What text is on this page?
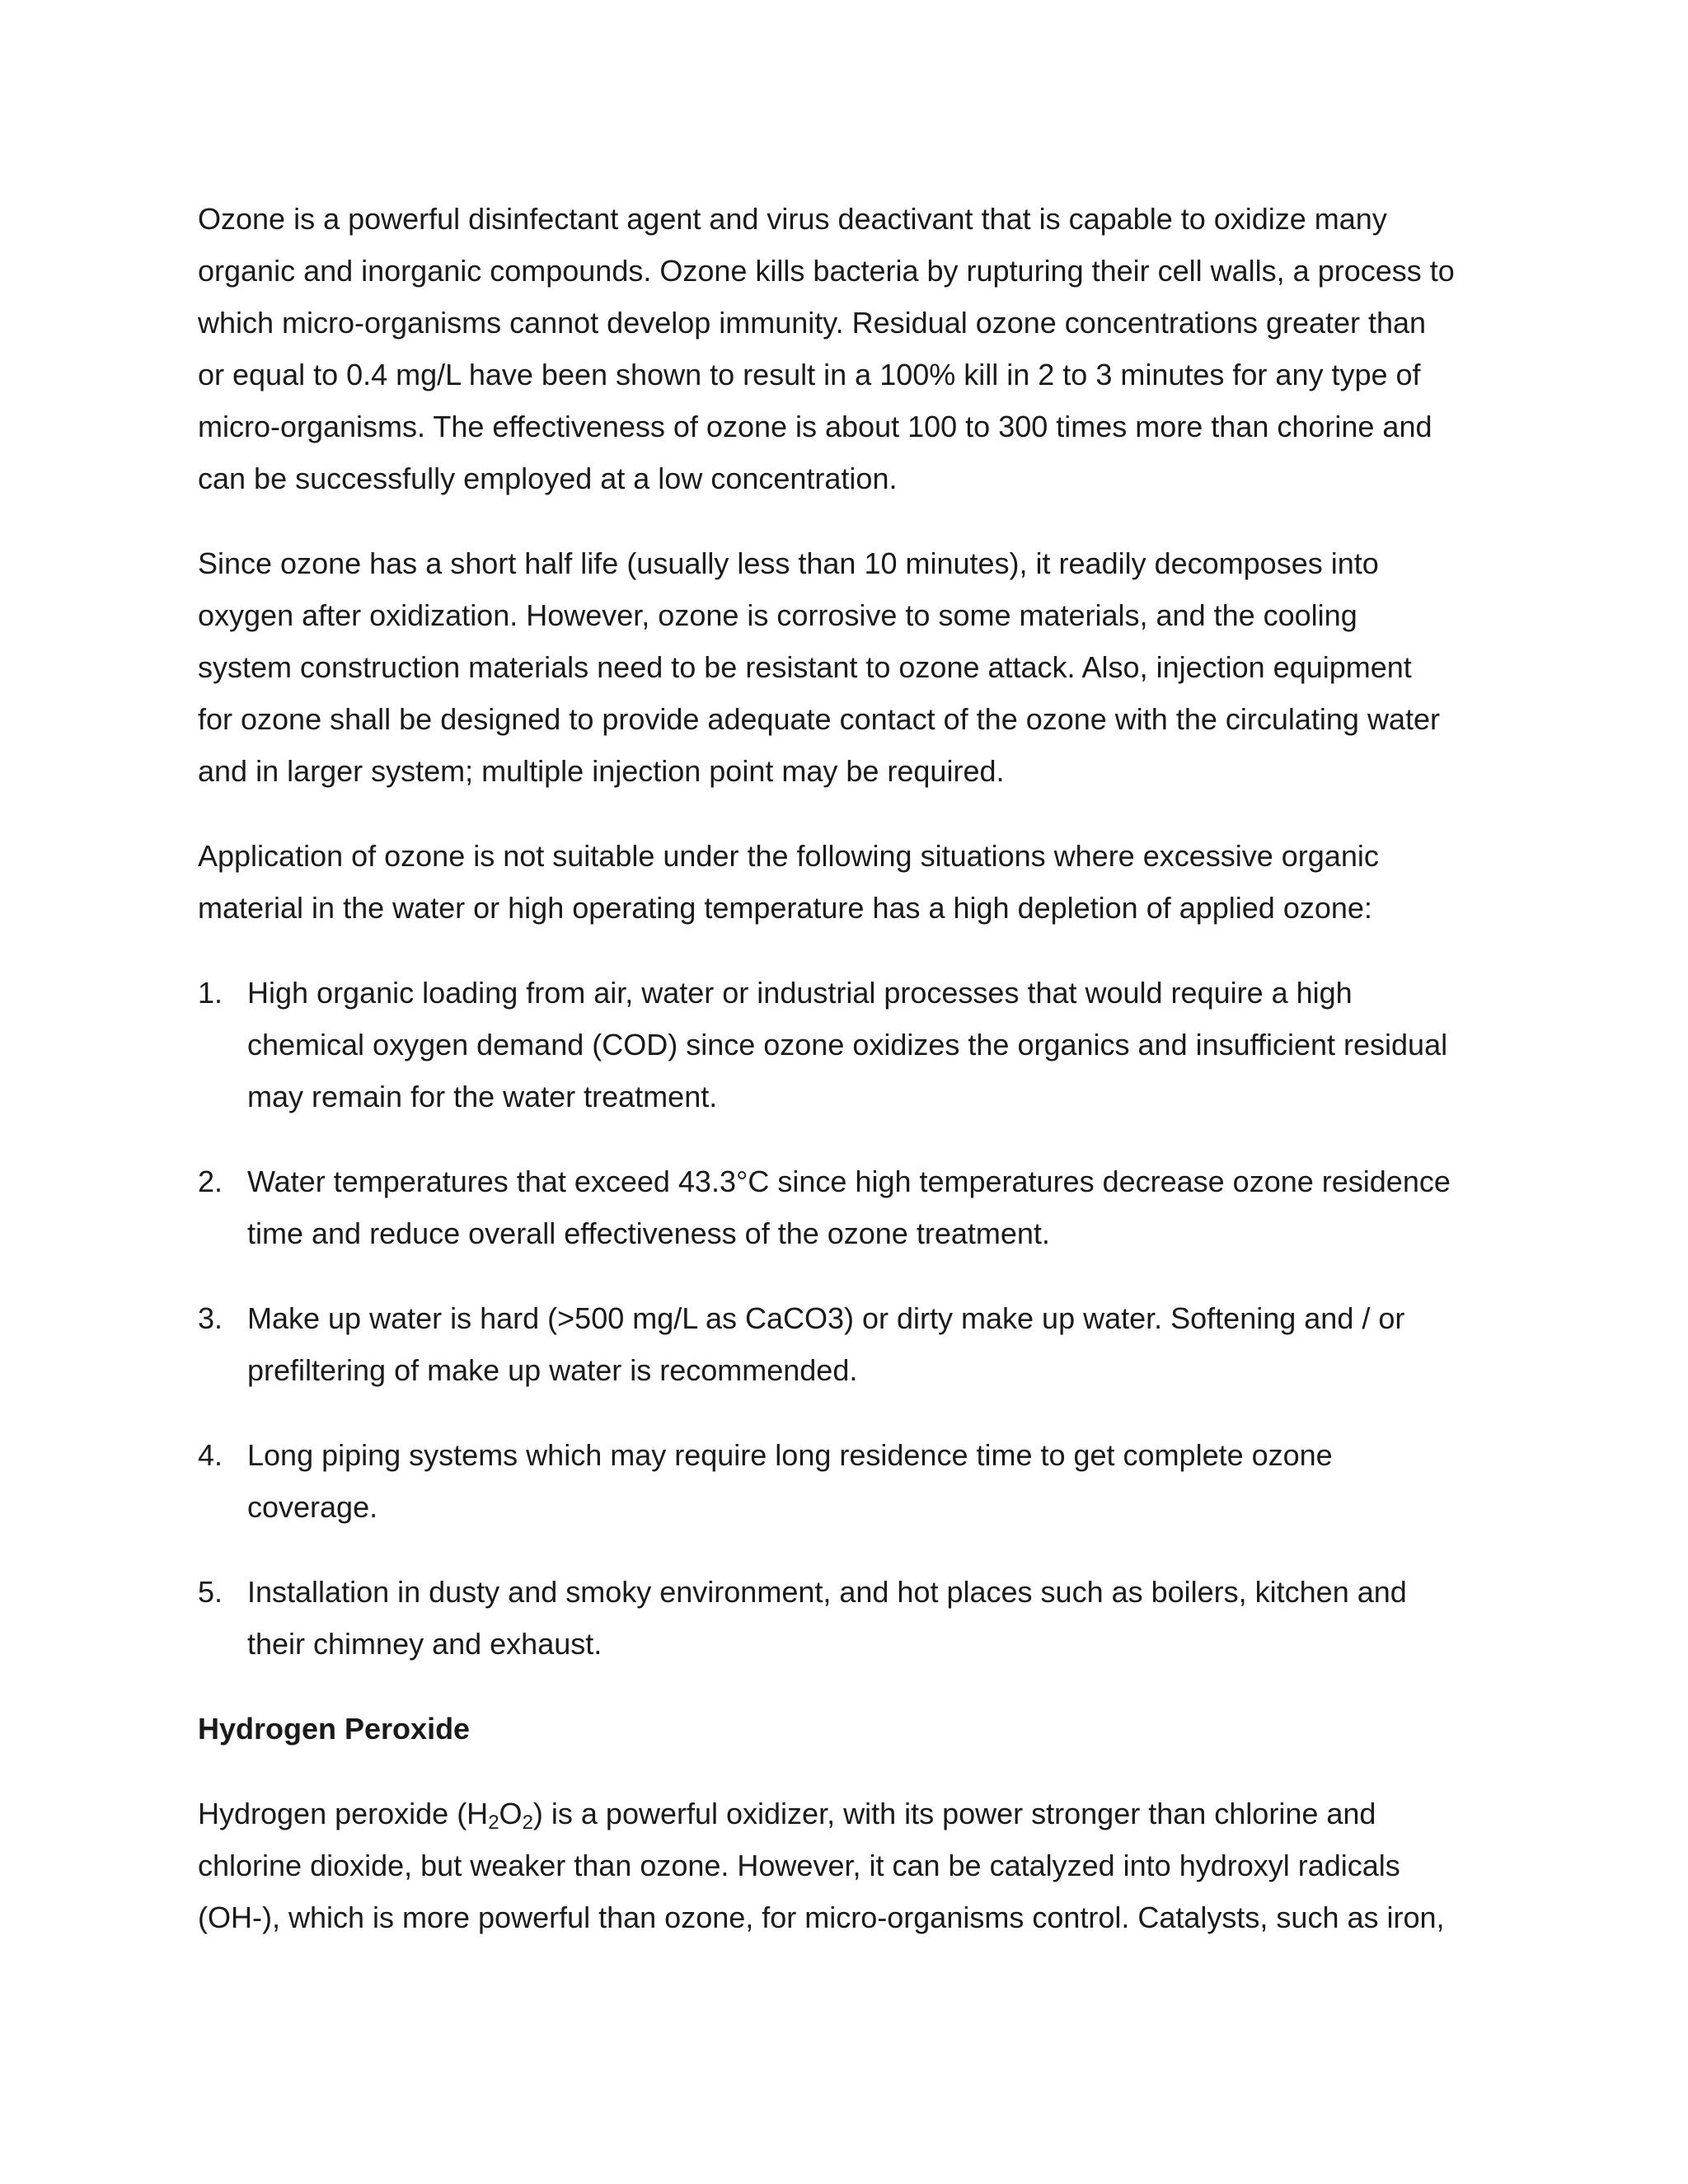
Ozone is a powerful disinfectant agent and virus deactivant that is capable to oxidize many
organic and inorganic compounds. Ozone kills bacteria by rupturing their cell walls, a process to
which micro-organisms cannot develop immunity. Residual ozone concentrations greater than
or equal to 0.4 mg/L have been shown to result in a 100% kill in 2 to 3 minutes for any type of
micro-organisms. The effectiveness of ozone is about 100 to 300 times more than chorine and
can be successfully employed at a low concentration.

Since ozone has a short half life (usually less than 10 minutes), it readily decomposes into
oxygen after oxidization. However, ozone is corrosive to some materials, and the cooling
system construction materials need to be resistant to ozone attack. Also, injection equipment
for ozone shall be designed to provide adequate contact of the ozone with the circulating water
and in larger system; multiple injection point may be required.

Application of ozone is not suitable under the following situations where excessive organic
material in the water or high operating temperature has a high depletion of applied ozone:

1. High organic loading from air, water or industrial processes that would require a high
chemical oxygen demand (COD) since ozone oxidizes the organics and insufficient residual
may remain for the water treatment.
2. Water temperatures that exceed 43.3°C since high temperatures decrease ozone residence
time and reduce overall effectiveness of the ozone treatment.
3. Make up water is hard (>500 mg/L as CaCO3) or dirty make up water. Softening and / or
prefiltering of make up water is recommended.
4. Long piping systems which may require long residence time to get complete ozone
coverage.
5. Installation in dusty and smoky environment, and hot places such as boilers, kitchen and
their chimney and exhaust.
Hydrogen Peroxide

Hydrogen peroxide $(H_2O_2)$ is a powerful oxidizer, with its power stronger than chlorine and
chlorine dioxide, but weaker than ozone. However, it can be catalyzed into hydroxyl radicals
(OH-), which is more powerful than ozone, for micro-organisms control. Catalysts, such as iron,
